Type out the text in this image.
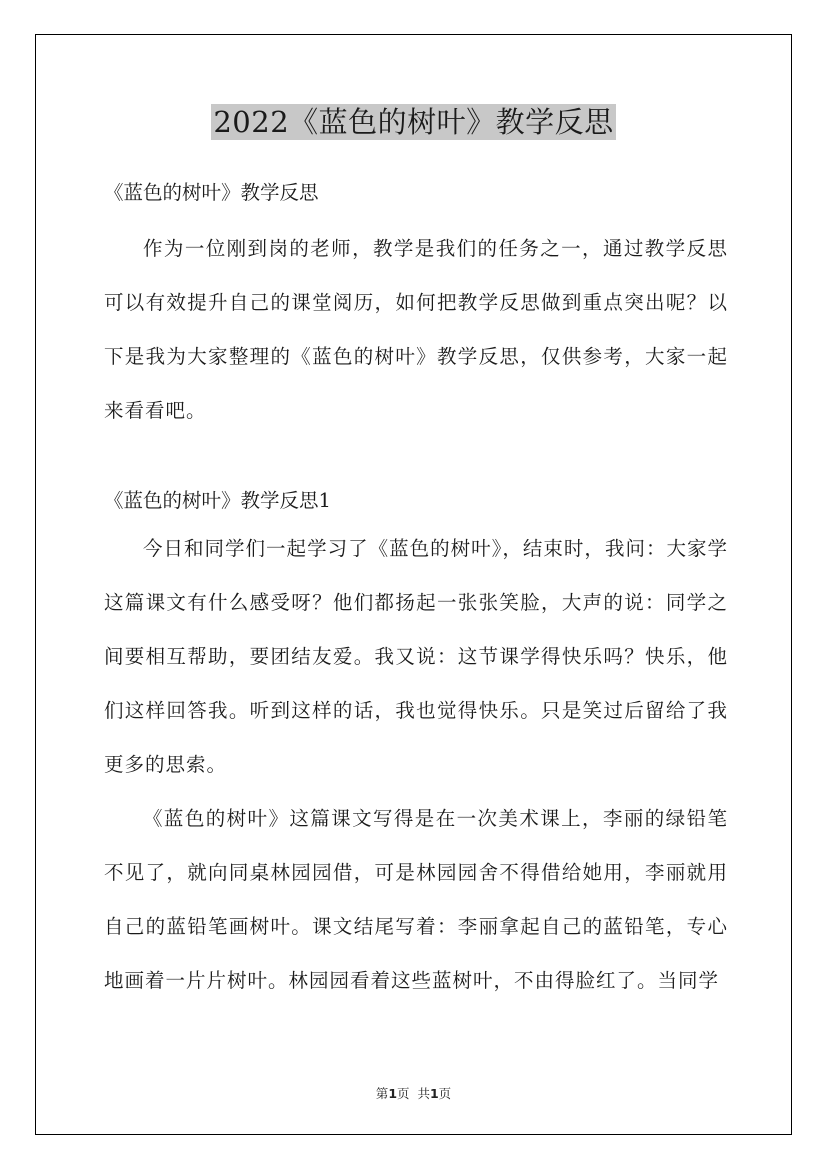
2022《蓝色的树叶》教学反思

《蓝色的树叶》教学反思

作为一位刚到岗的老师，教学是我们的任务之一，通过教学反思可以有效提升自己的课堂阅历，如何把教学反思做到重点突出呢？以下是我为大家整理的《蓝色的树叶》教学反思，仅供参考，大家一起来看看吧。

《蓝色的树叶》教学反思1

今日和同学们一起学习了《蓝色的树叶》，结束时，我问：大家学这篇课文有什么感受呀？他们都扬起一张张笑脸，大声的说：同学之间要相互帮助，要团结友爱。我又说：这节课学得快乐吗？快乐，他们这样回答我。听到这样的话，我也觉得快乐。只是笑过后留给了我更多的思索。

《蓝色的树叶》这篇课文写得是在一次美术课上，李丽的绿铅笔不见了，就向同桌林园园借，可是林园园舍不得借给她用，李丽就用自己的蓝铅笔画树叶。课文结尾写着：李丽拿起自己的蓝铅笔，专心地画着一片片树叶。林园园看着这些蓝树叶，不由得脸红了。当同学

第1页  共1页
